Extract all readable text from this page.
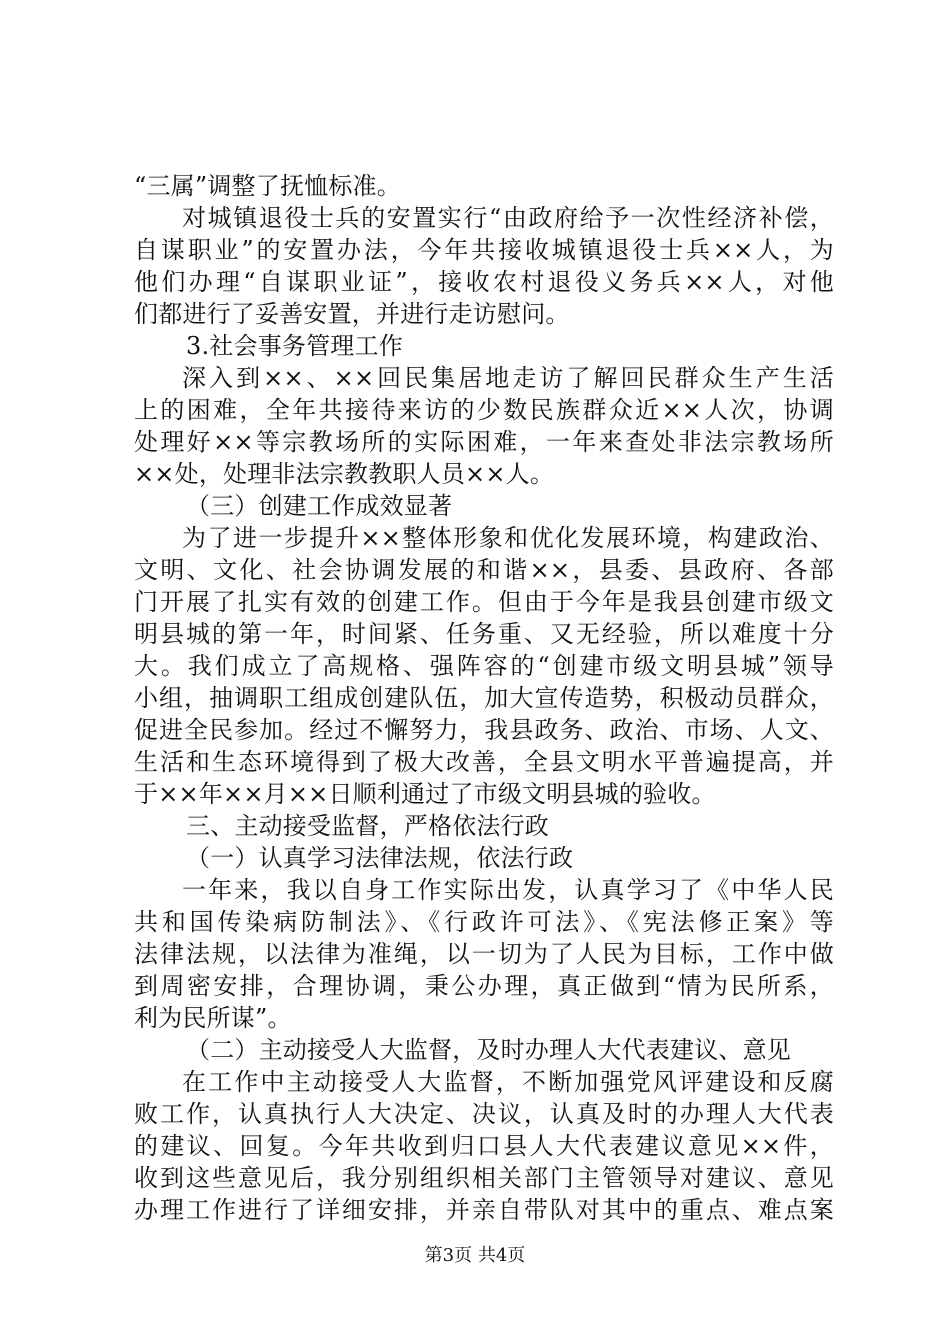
“三属”调整了抚恤标准。
对城镇退役士兵的安置实行“由政府给予一次性经济补偿，
自谋职业”的安置办法，今年共接收城镇退役士兵××人，为
他们办理“自谋职业证”，接收农村退役义务兵××人，对他
们都进行了妥善安置，并进行走访慰问。
3.社会事务管理工作
深入到××、××回民集居地走访了解回民群众生产生活
上的困难，全年共接待来访的少数民族群众近××人次，协调
处理好××等宗教场所的实际困难，一年来查处非法宗教场所
××处，处理非法宗教教职人员××人。
（三）创建工作成效显著
为了进一步提升××整体形象和优化发展环境，构建政治、
文明、文化、社会协调发展的和谐××，县委、县政府、各部
门开展了扎实有效的创建工作。但由于今年是我县创建市级文
明县城的第一年，时间紧、任务重、又无经验，所以难度十分
大。我们成立了高规格、强阵容的“创建市级文明县城”领导
小组，抽调职工组成创建队伍，加大宣传造势，积极动员群众，
促进全民参加。经过不懈努力，我县政务、政治、市场、人文、
生活和生态环境得到了极大改善，全县文明水平普遍提高，并
于××年××月××日顺利通过了市级文明县城的验收。
三、主动接受监督，严格依法行政
（一）认真学习法律法规，依法行政
一年来，我以自身工作实际出发，认真学习了《中华人民
共和国传染病防制法》、《行政许可法》、《宪法修正案》等
法律法规，以法律为准绳，以一切为了人民为目标，工作中做
到周密安排，合理协调，秉公办理，真正做到“情为民所系，
利为民所谋”。
（二）主动接受人大监督，及时办理人大代表建议、意见
在工作中主动接受人大监督，不断加强党风评建设和反腐
败工作，认真执行人大决定、决议，认真及时的办理人大代表
的建议、回复。今年共收到归口县人大代表建议意见××件，
收到这些意见后，我分别组织相关部门主管领导对建议、意见
办理工作进行了详细安排，并亲自带队对其中的重点、难点案
第3页 共4页
